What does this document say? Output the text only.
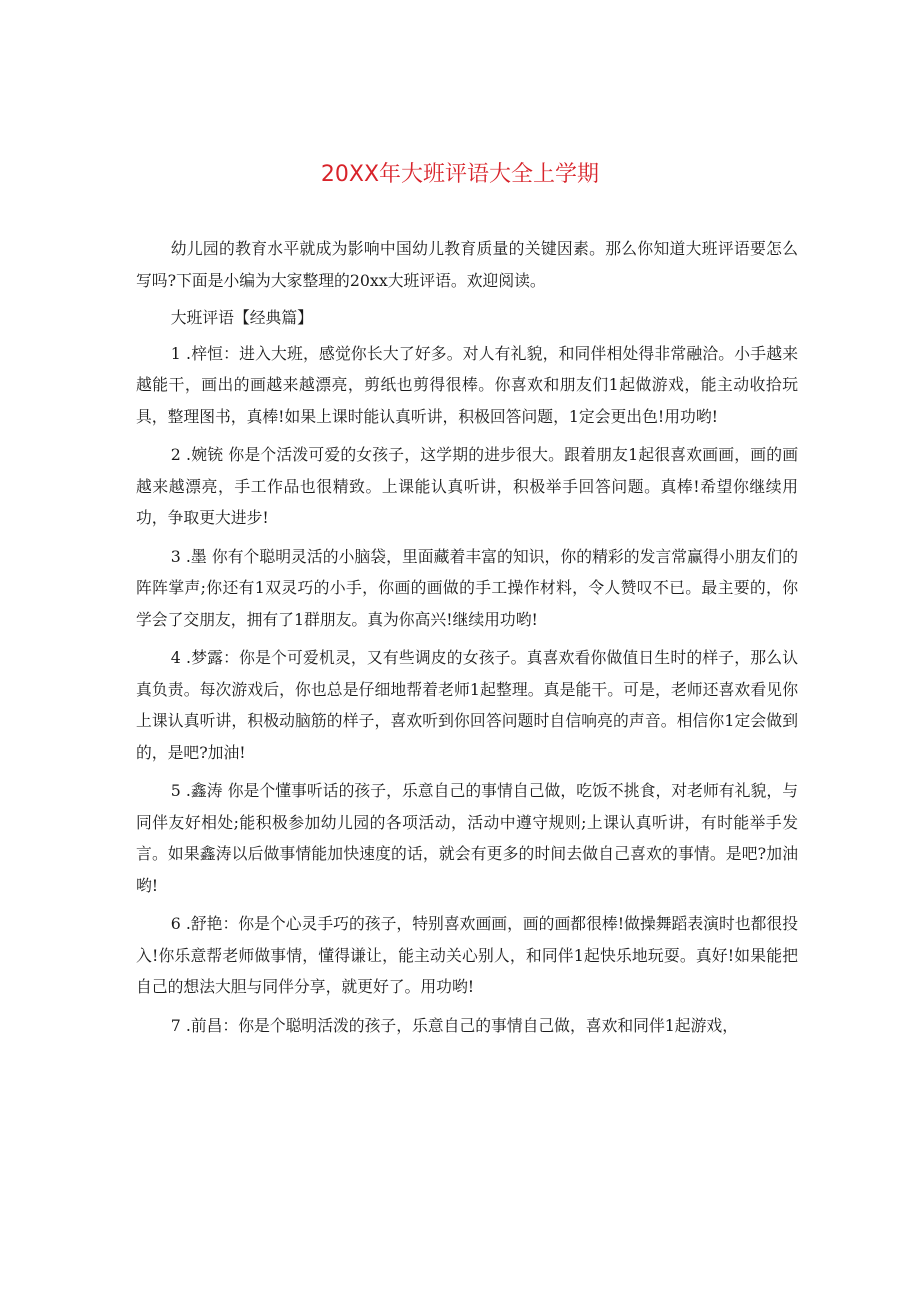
20XX年大班评语大全上学期

幼儿园的教育水平就成为影响中国幼儿教育质量的关键因素。那么你知道大班评语要怎么写吗?下面是小编为大家整理的20xx大班评语。欢迎阅读。

大班评语【经典篇】

1 .梓恒：进入大班，感觉你长大了好多。对人有礼貌，和同伴相处得非常融洽。小手越来越能干，画出的画越来越漂亮，剪纸也剪得很棒。你喜欢和朋友们1起做游戏，能主动收拾玩具，整理图书，真棒!如果上课时能认真听讲，积极回答问题，1定会更出色!用功哟!

2 .婉铳 你是个活泼可爱的女孩子，这学期的进步很大。跟着朋友1起很喜欢画画，画的画越来越漂亮，手工作品也很精致。上课能认真听讲，积极举手回答问题。真棒!希望你继续用功，争取更大进步!

3 .墨 你有个聪明灵活的小脑袋，里面藏着丰富的知识，你的精彩的发言常赢得小朋友们的阵阵掌声;你还有1双灵巧的小手，你画的画做的手工操作材料，令人赞叹不已。最主要的，你学会了交朋友，拥有了1群朋友。真为你高兴!继续用功哟!

4 .梦露：你是个可爱机灵，又有些调皮的女孩子。真喜欢看你做值日生时的样子，那么认真负责。每次游戏后，你也总是仔细地帮着老师1起整理。真是能干。可是，老师还喜欢看见你上课认真听讲，积极动脑筋的样子，喜欢听到你回答问题时自信响亮的声音。相信你1定会做到的，是吧?加油!

5 .鑫涛 你是个懂事听话的孩子，乐意自己的事情自己做，吃饭不挑食，对老师有礼貌，与同伴友好相处;能积极参加幼儿园的各项活动，活动中遵守规则;上课认真听讲，有时能举手发言。如果鑫涛以后做事情能加快速度的话，就会有更多的时间去做自己喜欢的事情。是吧?加油哟!

6 .舒艳：你是个心灵手巧的孩子，特别喜欢画画，画的画都很棒!做操舞蹈表演时也都很投入!你乐意帮老师做事情，懂得谦让，能主动关心别人，和同伴1起快乐地玩耍。真好!如果能把自己的想法大胆与同伴分享，就更好了。用功哟!

7 .前昌：你是个聪明活泼的孩子，乐意自己的事情自己做，喜欢和同伴1起游戏，
